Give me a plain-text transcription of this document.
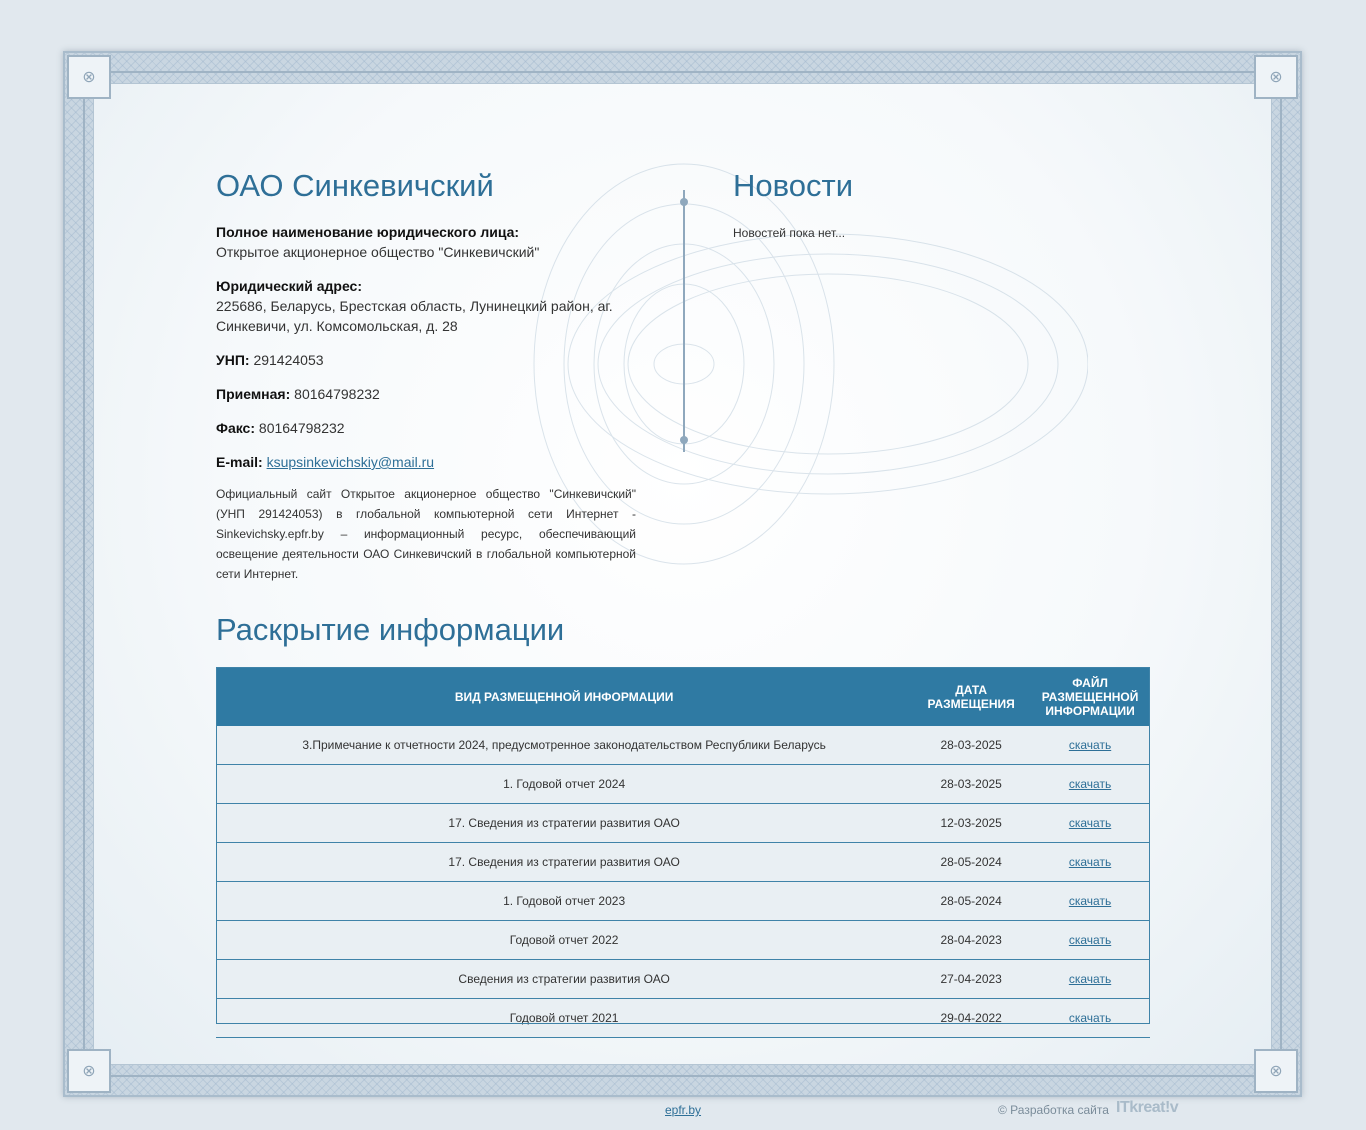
⊗	⊗
⊗	⊗
ОАО Синкевичский
Полное наименование юридического лица:
Открытое акционерное общество "Синкевичский"
Юридический адрес:
225686, Беларусь, Брестская область, Лунинецкий район, аг. Синкевичи, ул. Комсомольская, д. 28
УНП: 291424053
Приемная: 80164798232
Факс: 80164798232
E-mail: ksupsinkevichskiy@mail.ru
Официальный сайт Открытое акционерное общество "Синкевичский" (УНП 291424053) в глобальной компьютерной сети Интернет - Sinkevichsky.epfr.by – информационный ресурс, обеспечивающий освещение деятельности ОАО Синкевичский в глобальной компьютерной сети Интернет.
Новости
Новостей пока нет...
Раскрытие информации
ВИД РАЗМЕЩЕННОЙ ИНФОРМАЦИИ	ДАТА РАЗМЕЩЕНИЯ	ФАЙЛ РАЗМЕЩЕННОЙ ИНФОРМАЦИИ
3.Примечание к отчетности 2024, предусмотренное законодательством Республики Беларусь	28-03-2025	скачать
1. Годовой отчет 2024	28-03-2025	скачать
17. Сведения из стратегии развития ОАО	12-03-2025	скачать
17. Сведения из стратегии развития ОАО	28-05-2024	скачать
1. Годовой отчет 2023	28-05-2024	скачать
Годовой отчет 2022	28-04-2023	скачать
Сведения из стратегии развития ОАО	27-04-2023	скачать
Годовой отчет 2021	29-04-2022	скачать
epfr.by	© Разработка сайта ITkreat!v
